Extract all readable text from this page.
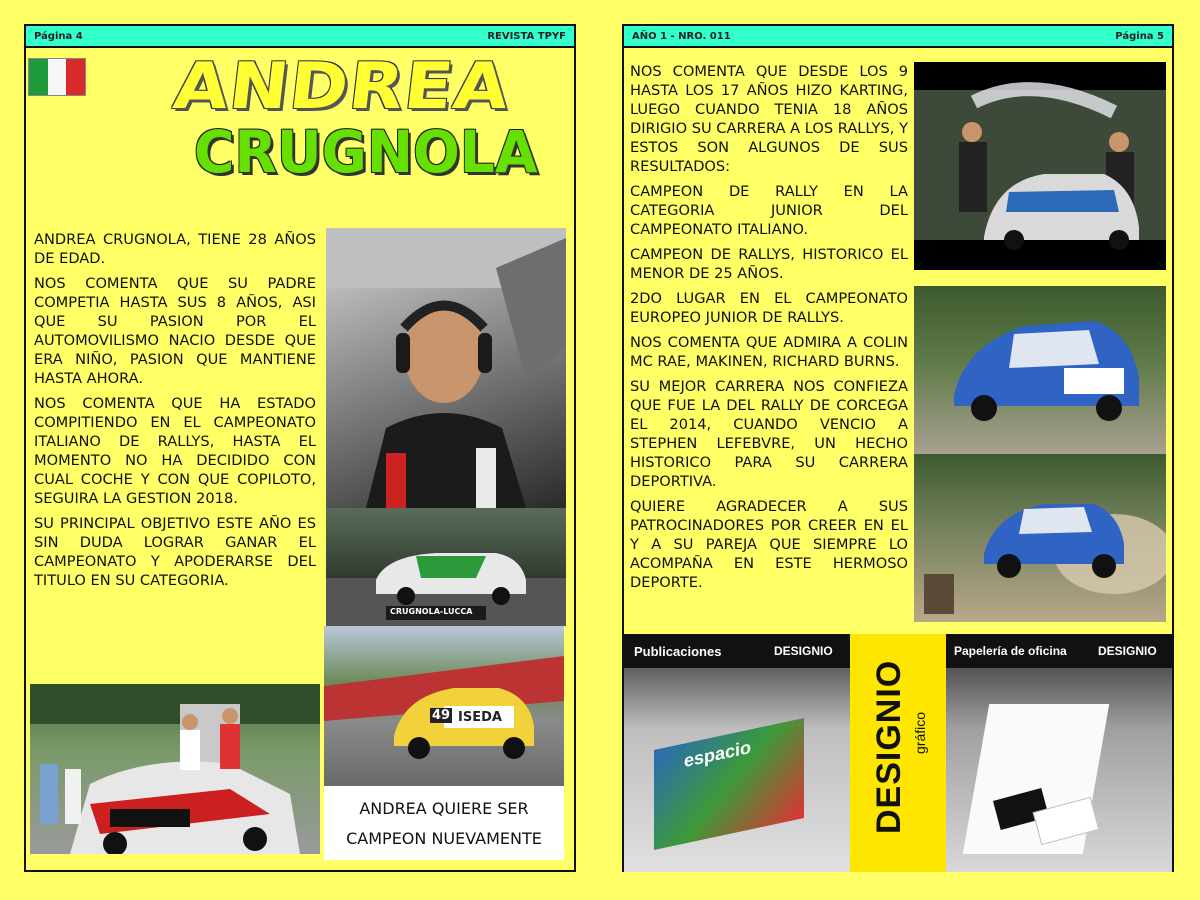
Página 4	REVISTA TPYF
ANDREA
CRUGNOLA

ANDREA CRUGNOLA, TIENE 28 AÑOS DE EDAD.

NOS COMENTA QUE SU PADRE COMPETIA HASTA SUS 8 AÑOS, ASI QUE SU PASION POR EL AUTOMOVILISMO NACIO DESDE QUE ERA NIÑO, PASION QUE MANTIENE HASTA AHORA.

NOS COMENTA QUE HA ESTADO COMPITIENDO EN EL CAMPEONATO ITALIANO DE RALLYS, HASTA EL MOMENTO NO HA DECIDIDO CON CUAL COCHE Y CON QUE COPILOTO, SEGUIRA LA GESTION 2018.

SU PRINCIPAL OBJETIVO ESTE AÑO ES SIN DUDA LOGRAR GANAR EL CAMPEONATO Y APODERARSE DEL TITULO EN SU CATEGORIA.

CRUGNOLA-LUCCA
49 ISEDA
ANDREA QUIERE SER
CAMPEON NUEVAMENTE
AÑO 1 - NRO. 011	Página 5

NOS COMENTA QUE DESDE LOS 9 HASTA LOS 17 AÑOS HIZO KARTING, LUEGO CUANDO TENIA 18 AÑOS DIRIGIO SU CARRERA A LOS RALLYS, Y ESTOS SON ALGUNOS DE SUS RESULTADOS:

CAMPEON DE RALLY EN LA CATEGORIA JUNIOR DEL CAMPEONATO ITALIANO.

CAMPEON DE RALLYS, HISTORICO EL MENOR DE 25 AÑOS.

2DO LUGAR EN EL CAMPEONATO EUROPEO JUNIOR DE RALLYS.

NOS COMENTA QUE ADMIRA A COLIN MC RAE, MAKINEN, RICHARD BURNS.

SU MEJOR CARRERA NOS CONFIEZA QUE FUE LA DEL RALLY DE CORCEGA EL 2014, CUANDO VENCIO A STEPHEN LEFEBVRE, UN HECHO HISTORICO PARA SU CARRERA DEPORTIVA.

QUIERE AGRADECER A SUS PATROCINADORES POR CREER EN EL Y A SU PAREJA QUE SIEMPRE LO ACOMPAÑA EN ESTE HERMOSO DEPORTE.

Publicaciones	DESIGNIO
espacio	DESIGNIO gráfico
Papelería de oficina	DESIGNIO
